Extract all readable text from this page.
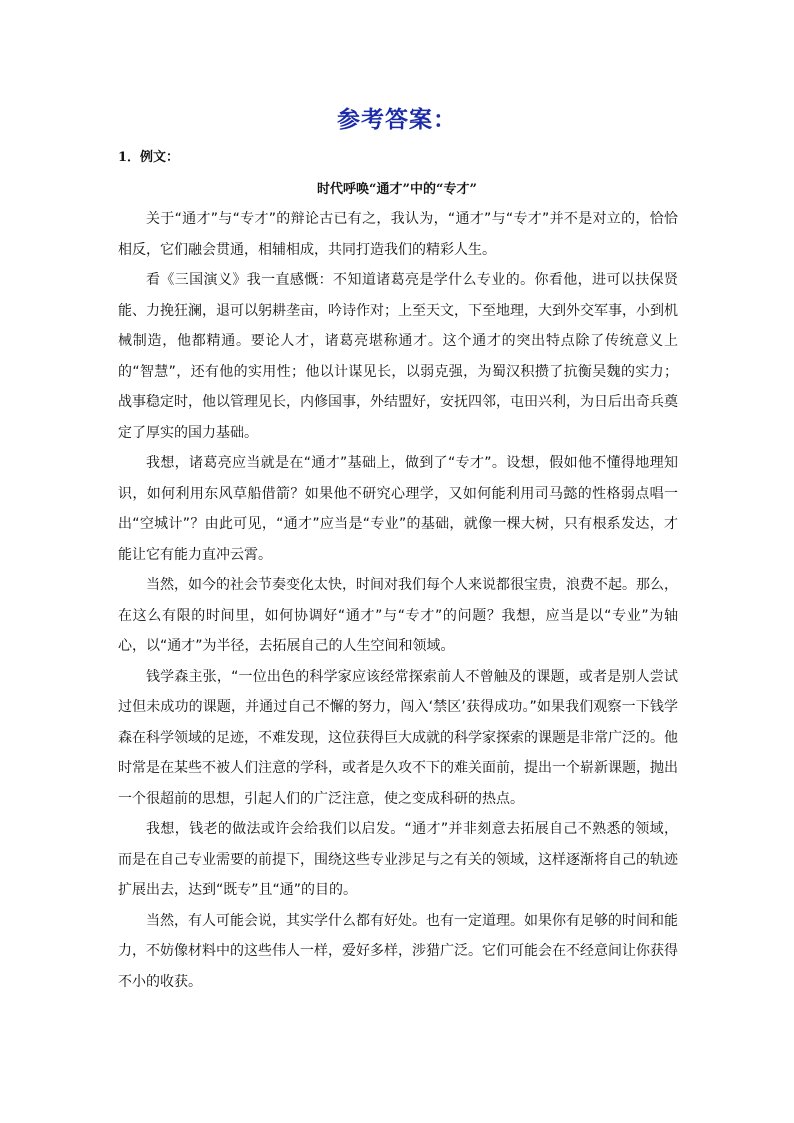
参考答案：
1．例文：
时代呼唤“通才”中的“专才”

关于“通才”与“专才”的辩论古已有之，我认为，“通才”与“专才”并不是对立的，恰恰相反，它们融会贯通，相辅相成，共同打造我们的精彩人生。

看《三国演义》我一直感慨：不知道诸葛亮是学什么专业的。你看他，进可以扶保贤能、力挽狂澜，退可以躬耕垄亩，吟诗作对；上至天文，下至地理，大到外交军事，小到机械制造，他都精通。要论人才，诸葛亮堪称通才。这个通才的突出特点除了传统意义上的“智慧”，还有他的实用性；他以计谋见长，以弱克强，为蜀汉积攒了抗衡吴魏的实力；战事稳定时，他以管理见长，内修国事，外结盟好，安抚四邻，屯田兴利，为日后出奇兵奠定了厚实的国力基础。

我想，诸葛亮应当就是在“通才”基础上，做到了“专才”。设想，假如他不懂得地理知识，如何利用东风草船借箭？如果他不研究心理学，又如何能利用司马懿的性格弱点唱一出“空城计”？由此可见，“通才”应当是“专业”的基础，就像一棵大树，只有根系发达，才能让它有能力直冲云霄。

当然，如今的社会节奏变化太快，时间对我们每个人来说都很宝贵，浪费不起。那么，在这么有限的时间里，如何协调好“通才”与“专才”的问题？我想，应当是以“专业”为轴心，以“通才”为半径，去拓展自己的人生空间和领域。

钱学森主张，“一位出色的科学家应该经常探索前人不曾触及的课题，或者是别人尝试过但未成功的课题，并通过自己不懈的努力，闯入‘禁区’获得成功。”如果我们观察一下钱学森在科学领域的足迹，不难发现，这位获得巨大成就的科学家探索的课题是非常广泛的。他时常是在某些不被人们注意的学科，或者是久攻不下的难关面前，提出一个崭新课题，抛出一个很超前的思想，引起人们的广泛注意，使之变成科研的热点。

我想，钱老的做法或许会给我们以启发。“通才”并非刻意去拓展自己不熟悉的领域，而是在自己专业需要的前提下，围绕这些专业涉足与之有关的领域，这样逐渐将自己的轨迹扩展出去，达到“既专”且“通”的目的。

当然，有人可能会说，其实学什么都有好处。也有一定道理。如果你有足够的时间和能力，不妨像材料中的这些伟人一样，爱好多样，涉猎广泛。它们可能会在不经意间让你获得不小的收获。
